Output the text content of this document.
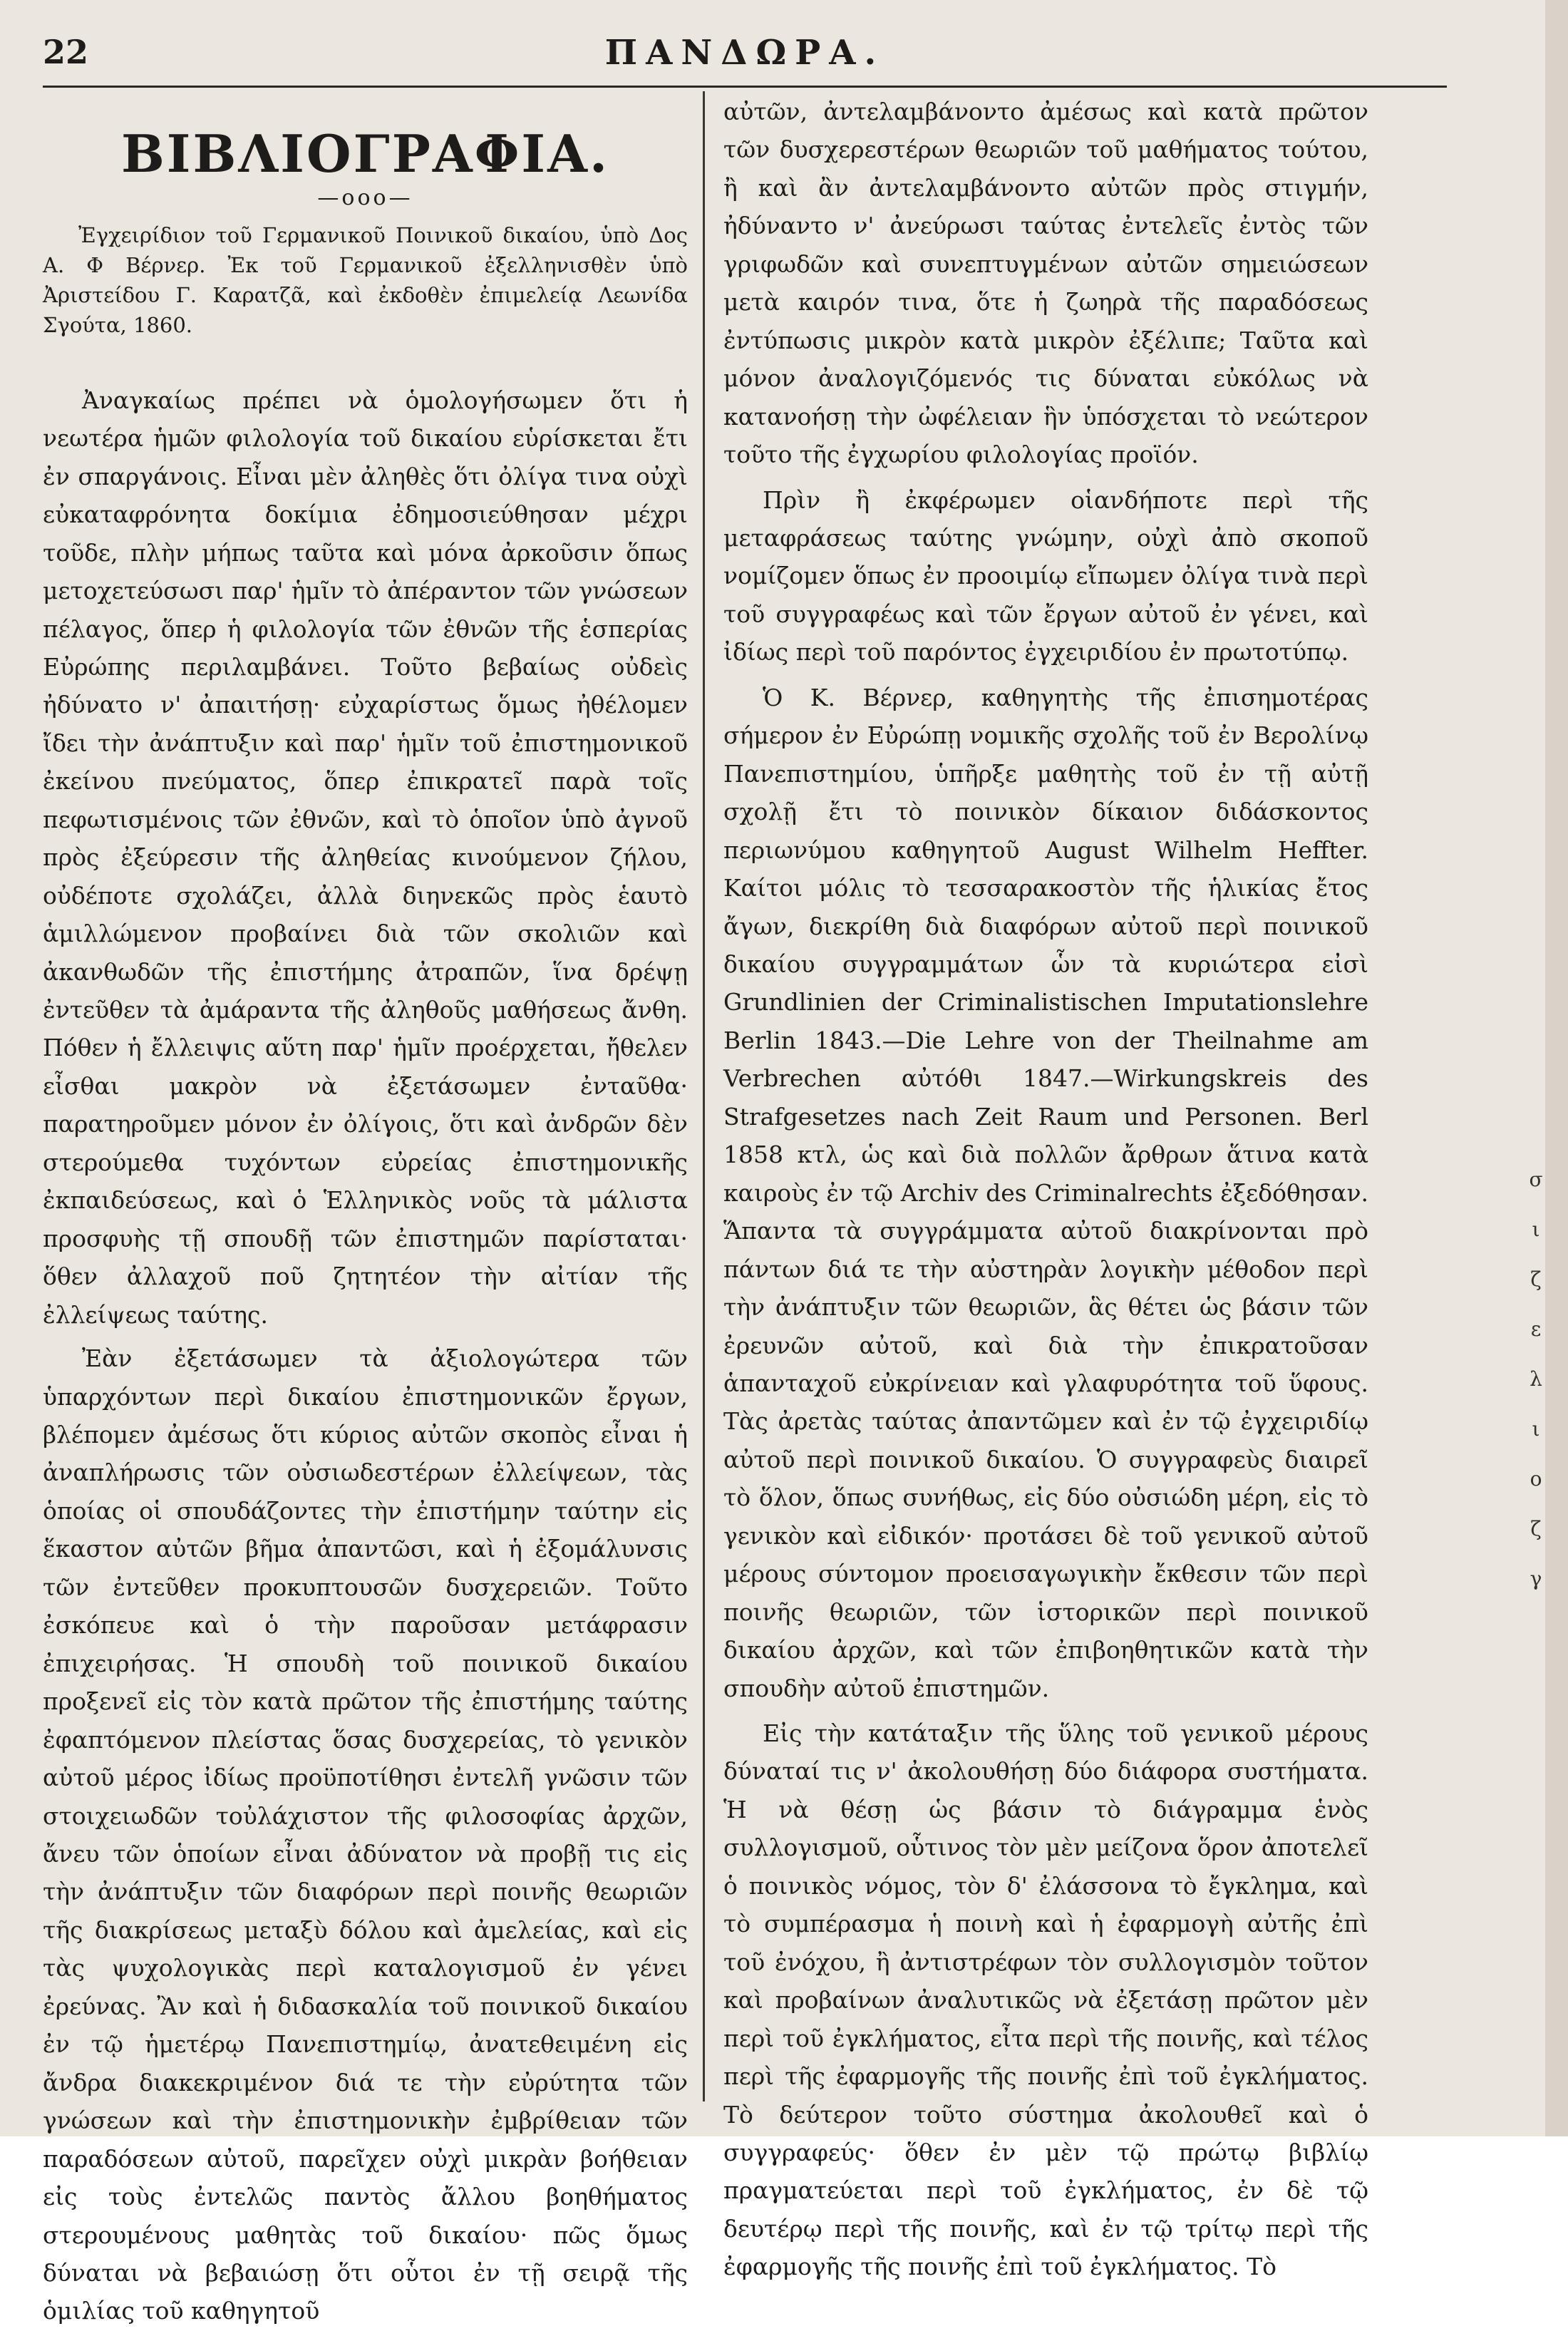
22	ΠΑΝΔΩΡΑ.
ΒΙΒΛΙΟΓΡΑΦΙΑ.
—ooo—

Ἐγχειρίδιον τοῦ Γερμανικοῦ Ποινικοῦ δικαίου, ὑπὸ Δος Α. Φ Βέρνερ. Ἐκ τοῦ Γερμανικοῦ ἐξελληνισθὲν ὑπὸ Ἀριστείδου Γ. Καρατζᾶ, καὶ ἐκδοθὲν ἐπιμελείᾳ Λεωνίδα Σγούτα, 1860.

Ἀναγκαίως πρέπει νὰ ὁμολογήσωμεν ὅτι ἡ νεωτέρα ἡμῶν φιλολογία τοῦ δικαίου εὑρίσκεται ἔτι ἐν σπαργάνοις. Εἶναι μὲν ἀληθὲς ὅτι ὀλίγα τινα οὐχὶ εὐκαταφρόνητα δοκίμια ἐδημοσιεύθησαν μέχρι τοῦδε, πλὴν μήπως ταῦτα καὶ μόνα ἀρκοῦσιν ὅπως μετοχετεύσωσι παρ' ἡμῖν τὸ ἀπέραντον τῶν γνώσεων πέλαγος, ὅπερ ἡ φιλολογία τῶν ἐθνῶν τῆς ἑσπερίας Εὐρώπης περιλαμβάνει. Τοῦτο βεβαίως οὐδεὶς ἠδύνατο ν' ἀπαιτήσῃ· εὐχαρίστως ὅμως ἠθέλομεν ἴδει τὴν ἀνάπτυξιν καὶ παρ' ἡμῖν τοῦ ἐπιστημονικοῦ ἐκείνου πνεύματος, ὅπερ ἐπικρατεῖ παρὰ τοῖς πεφωτισμένοις τῶν ἐθνῶν, καὶ τὸ ὁποῖον ὑπὸ ἀγνοῦ πρὸς ἐξεύρεσιν τῆς ἀληθείας κινούμενον ζήλου, οὐδέποτε σχολάζει, ἀλλὰ διηνεκῶς πρὸς ἑαυτὸ ἁμιλλώμενον προβαίνει διὰ τῶν σκολιῶν καὶ ἀκανθωδῶν τῆς ἐπιστήμης ἀτραπῶν, ἵνα δρέψῃ ἐντεῦθεν τὰ ἀμάραντα τῆς ἀληθοῦς μαθήσεως ἄνθη. Πόθεν ἡ ἔλλειψις αὕτη παρ' ἡμῖν προέρχεται, ἤθελεν εἶσθαι μακρὸν νὰ ἐξετάσωμεν ἐνταῦθα· παρατηροῦμεν μόνον ἐν ὀλίγοις, ὅτι καὶ ἀνδρῶν δὲν στερούμεθα τυχόντων εὐρείας ἐπιστημονικῆς ἐκπαιδεύσεως, καὶ ὁ Ἑλληνικὸς νοῦς τὰ μάλιστα προσφυὴς τῇ σπουδῇ τῶν ἐπιστημῶν παρίσταται· ὅθεν ἀλλαχοῦ ποῦ ζητητέον τὴν αἰτίαν τῆς ἐλλείψεως ταύτης.

Ἐὰν ἐξετάσωμεν τὰ ἀξιολογώτερα τῶν ὑπαρχόντων περὶ δικαίου ἐπιστημονικῶν ἔργων, βλέπομεν ἀμέσως ὅτι κύριος αὐτῶν σκοπὸς εἶναι ἡ ἀναπλήρωσις τῶν οὐσιωδεστέρων ἐλλείψεων, τὰς ὁποίας οἱ σπουδάζοντες τὴν ἐπιστήμην ταύτην εἰς ἕκαστον αὐτῶν βῆμα ἀπαντῶσι, καὶ ἡ ἐξομάλυνσις τῶν ἐντεῦθεν προκυπτουσῶν δυσχερειῶν. Τοῦτο ἐσκόπευε καὶ ὁ τὴν παροῦσαν μετάφρασιν ἐπιχειρήσας. Ἡ σπουδὴ τοῦ ποινικοῦ δικαίου προξενεῖ εἰς τὸν κατὰ πρῶτον τῆς ἐπιστήμης ταύτης ἐφαπτόμενον πλείστας ὅσας δυσχερείας, τὸ γενικὸν αὐτοῦ μέρος ἰδίως προϋποτίθησι ἐντελῆ γνῶσιν τῶν στοιχειωδῶν τοὐλάχιστον τῆς φιλοσοφίας ἀρχῶν, ἄνευ τῶν ὁποίων εἶναι ἀδύνατον νὰ προβῇ τις εἰς τὴν ἀνάπτυξιν τῶν διαφόρων περὶ ποινῆς θεωριῶν τῆς διακρίσεως μεταξὺ δόλου καὶ ἀμελείας, καὶ εἰς τὰς ψυχολογικὰς περὶ καταλογισμοῦ ἐν γένει ἐρεύνας. Ἂν καὶ ἡ διδασκαλία τοῦ ποινικοῦ δικαίου ἐν τῷ ἡμετέρῳ Πανεπιστημίῳ, ἀνατεθειμένη εἰς ἄνδρα διακεκριμένον διά τε τὴν εὐρύτητα τῶν γνώσεων καὶ τὴν ἐπιστημονικὴν ἐμβρίθειαν τῶν παραδόσεων αὐτοῦ, παρεῖχεν οὐχὶ μικρὰν βοήθειαν εἰς τοὺς ἐντελῶς παντὸς ἄλλου βοηθήματος στερουμένους μαθητὰς τοῦ δικαίου· πῶς ὅμως δύναται νὰ βεβαιώσῃ ὅτι οὗτοι ἐν τῇ σειρᾷ τῆς ὁμιλίας τοῦ καθηγητοῦ

αὐτῶν, ἀντελαμβάνοντο ἀμέσως καὶ κατὰ πρῶτον τῶν δυσχερεστέρων θεωριῶν τοῦ μαθήματος τούτου, ἢ καὶ ἂν ἀντελαμβάνοντο αὐτῶν πρὸς στιγμήν, ἠδύναντο ν' ἀνεύρωσι ταύτας ἐντελεῖς ἐντὸς τῶν γριφωδῶν καὶ συνεπτυγμένων αὐτῶν σημειώσεων μετὰ καιρόν τινα, ὅτε ἡ ζωηρὰ τῆς παραδόσεως ἐντύπωσις μικρὸν κατὰ μικρὸν ἐξέλιπε; Ταῦτα καὶ μόνον ἀναλογιζόμενός τις δύναται εὐκόλως νὰ κατανοήσῃ τὴν ὠφέλειαν ἣν ὑπόσχεται τὸ νεώτερον τοῦτο τῆς ἐγχωρίου φιλολογίας προϊόν.

Πρὶν ἢ ἐκφέρωμεν οἱανδήποτε περὶ τῆς μεταφράσεως ταύτης γνώμην, οὐχὶ ἀπὸ σκοποῦ νομίζομεν ὅπως ἐν προοιμίῳ εἴπωμεν ὀλίγα τινὰ περὶ τοῦ συγγραφέως καὶ τῶν ἔργων αὐτοῦ ἐν γένει, καὶ ἰδίως περὶ τοῦ παρόντος ἐγχειριδίου ἐν πρωτοτύπῳ.

Ὁ Κ. Βέρνερ, καθηγητὴς τῆς ἐπισημοτέρας σήμερον ἐν Εὐρώπῃ νομικῆς σχολῆς τοῦ ἐν Βερολίνῳ Πανεπιστημίου, ὑπῆρξε μαθητὴς τοῦ ἐν τῇ αὐτῇ σχολῇ ἔτι τὸ ποινικὸν δίκαιον διδάσκοντος περιωνύμου καθηγητοῦ August Wilhelm Heffter. Καίτοι μόλις τὸ τεσσαρακοστὸν τῆς ἡλικίας ἔτος ἄγων, διεκρίθη διὰ διαφόρων αὐτοῦ περὶ ποινικοῦ δικαίου συγγραμμάτων ὧν τὰ κυριώτερα εἰσὶ Grundlinien der Criminalistischen Imputationslehre Berlin 1843.—Die Lehre von der Theilnahme am Verbrechen αὐτόθι 1847.—Wirkungskreis des Strafgesetzes nach Zeit Raum und Personen. Berl 1858 κτλ, ὡς καὶ διὰ πολλῶν ἄρθρων ἅτινα κατὰ καιροὺς ἐν τῷ Archiv des Criminalrechts ἐξεδόθησαν. Ἅπαντα τὰ συγγράμματα αὐτοῦ διακρίνονται πρὸ πάντων διά τε τὴν αὐστηρὰν λογικὴν μέθοδον περὶ τὴν ἀνάπτυξιν τῶν θεωριῶν, ἃς θέτει ὡς βάσιν τῶν ἐρευνῶν αὐτοῦ, καὶ διὰ τὴν ἐπικρατοῦσαν ἁπανταχοῦ εὐκρίνειαν καὶ γλαφυρότητα τοῦ ὕφους. Τὰς ἀρετὰς ταύτας ἀπαντῶμεν καὶ ἐν τῷ ἐγχειριδίῳ αὐτοῦ περὶ ποινικοῦ δικαίου. Ὁ συγγραφεὺς διαιρεῖ τὸ ὅλον, ὅπως συνήθως, εἰς δύο οὐσιώδη μέρη, εἰς τὸ γενικὸν καὶ εἰδικόν· προτάσει δὲ τοῦ γενικοῦ αὐτοῦ μέρους σύντομον προεισαγωγικὴν ἔκθεσιν τῶν περὶ ποινῆς θεωριῶν, τῶν ἱστορικῶν περὶ ποινικοῦ δικαίου ἀρχῶν, καὶ τῶν ἐπιβοηθητικῶν κατὰ τὴν σπουδὴν αὐτοῦ ἐπιστημῶν.

Εἰς τὴν κατάταξιν τῆς ὕλης τοῦ γενικοῦ μέρους δύναταί τις ν' ἀκολουθήσῃ δύο διάφορα συστήματα. Ἡ νὰ θέσῃ ὡς βάσιν τὸ διάγραμμα ἑνὸς συλλογισμοῦ, οὗτινος τὸν μὲν μείζονα ὅρον ἀποτελεῖ ὁ ποινικὸς νόμος, τὸν δ' ἐλάσσονα τὸ ἔγκλημα, καὶ τὸ συμπέρασμα ἡ ποινὴ καὶ ἡ ἐφαρμογὴ αὐτῆς ἐπὶ τοῦ ἐνόχου, ἢ ἀντιστρέφων τὸν συλλογισμὸν τοῦτον καὶ προβαίνων ἀναλυτικῶς νὰ ἐξετάσῃ πρῶτον μὲν περὶ τοῦ ἐγκλήματος, εἶτα περὶ τῆς ποινῆς, καὶ τέλος περὶ τῆς ἐφαρμογῆς τῆς ποινῆς ἐπὶ τοῦ ἐγκλήματος. Τὸ δεύτερον τοῦτο σύστημα ἀκολουθεῖ καὶ ὁ συγγραφεύς· ὅθεν ἐν μὲν τῷ πρώτῳ βιβλίῳ πραγματεύεται περὶ τοῦ ἐγκλήματος, ἐν δὲ τῷ δευτέρῳ περὶ τῆς ποινῆς, καὶ ἐν τῷ τρίτῳ περὶ τῆς ἐφαρμογῆς τῆς ποινῆς ἐπὶ τοῦ ἐγκλήματος. Τὸ

σ
ι
ζ
ε
λ
ι
ο
ζ
γ
